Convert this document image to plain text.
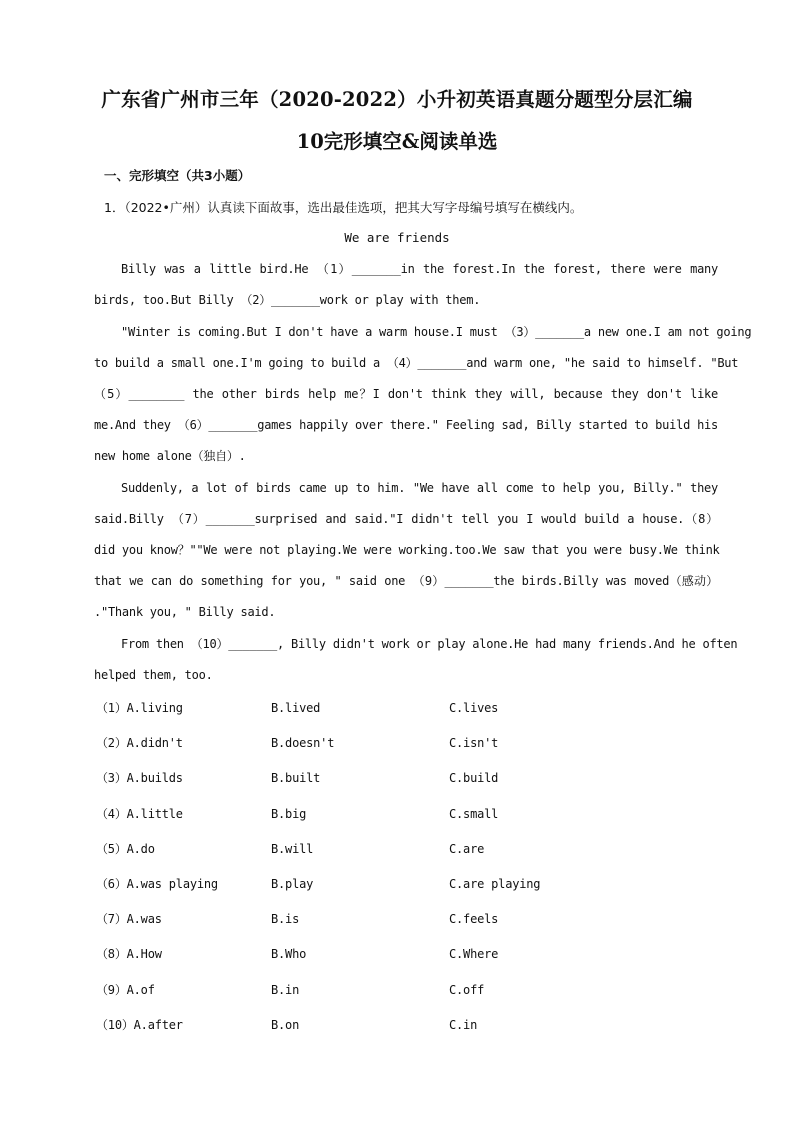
广东省广州市三年（2020-2022）小升初英语真题分题型分层汇编
10完形填空&阅读单选
一、完形填空（共3小题）
1．（2022•广州）认真读下面故事，选出最佳选项，把其大写字母编号填写在横线内。
We are friends
Billy was a little bird.He （1）_______in the forest.In the forest, there were many
birds, too.But Billy （2）_______work or play with them.
"Winter is coming.But I don't have a warm house.I must （3）_______a new one.I am not going
to build a small one.I'm going to build a （4）_______and warm one, "he said to himself. "But
（5）________ the other birds help me？I don't think they will, because they don't like
me.And they （6）_______games happily over there." Feeling sad, Billy started to build his
new home alone（独自）.
Suddenly, a lot of birds came up to him. "We have all come to help you, Billy." they
said.Billy （7）_______surprised and said."I didn't tell you I would build a house.（8）
did you know？""We were not playing.We were working.too.We saw that you were busy.We think
that we can do something for you, " said one （9）_______the birds.Billy was moved（感动）
."Thank you, " Billy said.
From then （10）_______, Billy didn't work or play alone.He had many friends.And he often
helped them, too.
（1）A.living	B.lived	C.lives
（2）A.didn't	B.doesn't	C.isn't
（3）A.builds	B.built	C.build
（4）A.little	B.big	C.small
（5）A.do	B.will	C.are
（6）A.was playing	B.play	C.are playing
（7）A.was	B.is	C.feels
（8）A.How	B.Who	C.Where
（9）A.of	B.in	C.off
（10）A.after	B.on	C.in
